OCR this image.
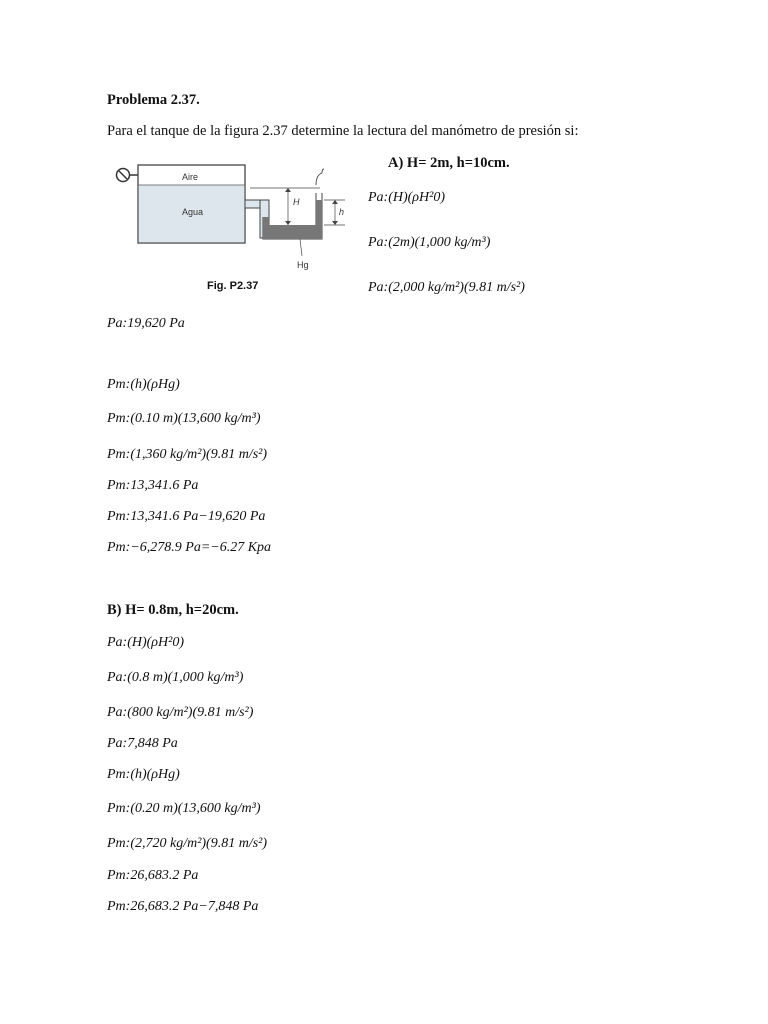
Problema 2.37.
Para el tanque de la figura 2.37 determine la lectura del manómetro de presión si:
Aire
Agua
H
h
Hg
Fig. P2.37
A) H= 2m, h=10cm.
Pa:(H)(ρH²0)
Pa:(2m)(1,000 kg/m³)
Pa:(2,000 kg/m²)(9.81 m/s²)
Pa:19,620 Pa
Pm:(h)(ρHg)
Pm:(0.10 m)(13,600 kg/m³)
Pm:(1,360 kg/m²)(9.81 m/s²)
Pm:13,341.6 Pa
Pm:13,341.6 Pa−19,620 Pa
Pm:−6,278.9 Pa=−6.27 Kpa
B) H= 0.8m, h=20cm.
Pa:(H)(ρH²0)
Pa:(0.8 m)(1,000 kg/m³)
Pa:(800 kg/m²)(9.81 m/s²)
Pa:7,848 Pa
Pm:(h)(ρHg)
Pm:(0.20 m)(13,600 kg/m³)
Pm:(2,720 kg/m²)(9.81 m/s²)
Pm:26,683.2 Pa
Pm:26,683.2 Pa−7,848 Pa
